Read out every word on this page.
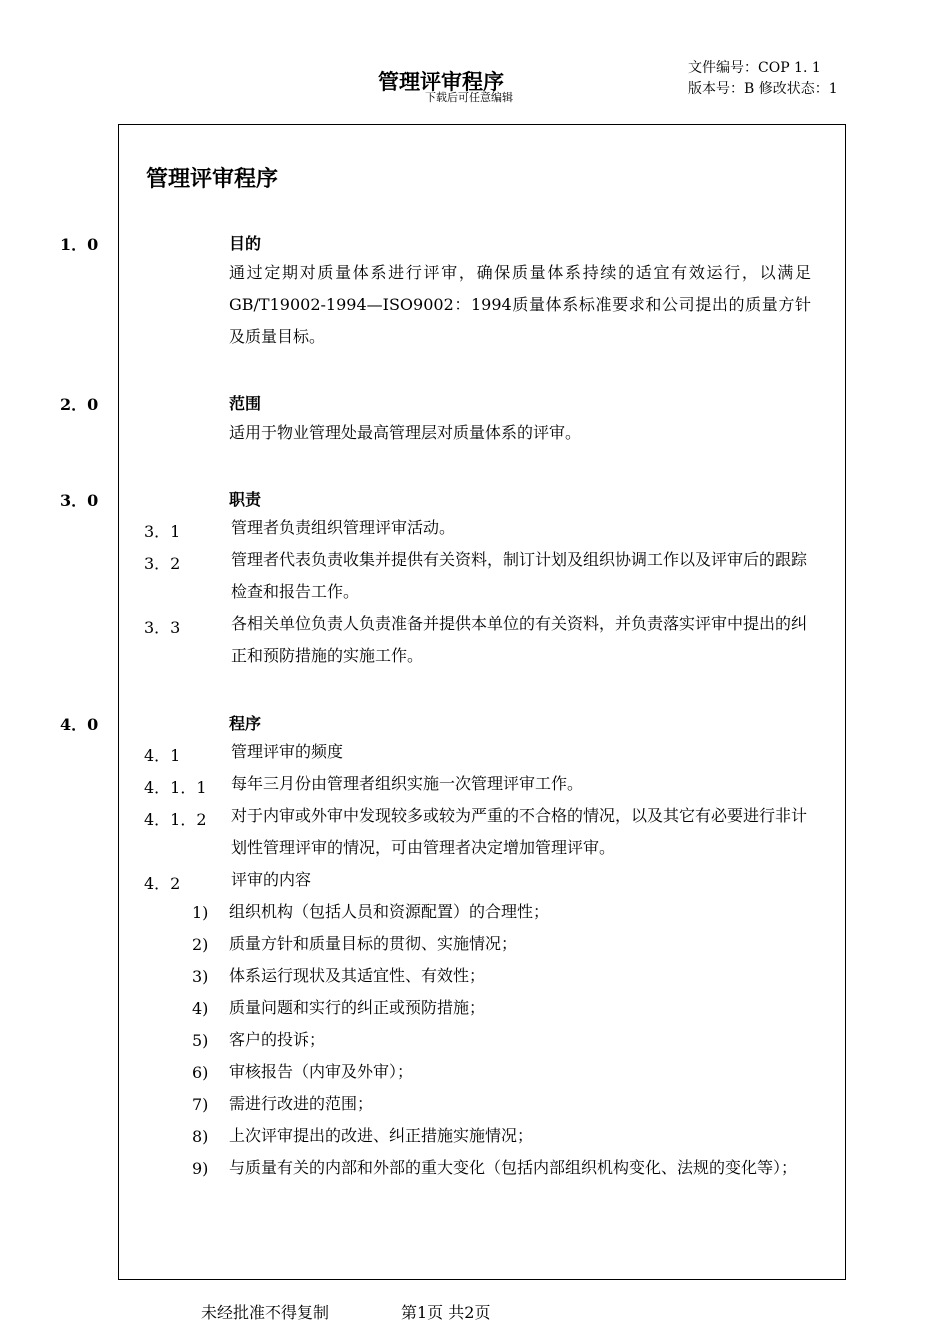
管理评审程序
下载后可任意编辑
文件编号：COP 1. 1
版本号：B 修改状态：1
管理评审程序
1．0	目的
通过定期对质量体系进行评审，确保质量体系持续的适宜有效运行，以满足GB/T19002-1994—ISO9002：1994质量体系标准要求和公司提出的质量方针及质量目标。
2．0	范围
适用于物业管理处最高管理层对质量体系的评审。
3．0	职责
3．1	管理者负责组织管理评审活动。
3．2	管理者代表负责收集并提供有关资料，制订计划及组织协调工作以及评审后的跟踪检查和报告工作。
3．3	各相关单位负责人负责准备并提供本单位的有关资料，并负责落实评审中提出的纠正和预防措施的实施工作。
4．0	程序
4．1	管理评审的频度
4．1．1 每年三月份由管理者组织实施一次管理评审工作。
4．1．2 对于内审或外审中发现较多或较为严重的不合格的情况，以及其它有必要进行非计划性管理评审的情况，可由管理者决定增加管理评审。
4．2	评审的内容
1) 组织机构（包括人员和资源配置）的合理性；
2) 质量方针和质量目标的贯彻、实施情况；
3) 体系运行现状及其适宜性、有效性；
4) 质量问题和实行的纠正或预防措施；
5) 客户的投诉；
6) 审核报告（内审及外审）；
7) 需进行改进的范围；
8) 上次评审提出的改进、纠正措施实施情况；
9) 与质量有关的内部和外部的重大变化（包括内部组织机构变化、法规的变化等）；
未经批准不得复制	第1页 共2页
